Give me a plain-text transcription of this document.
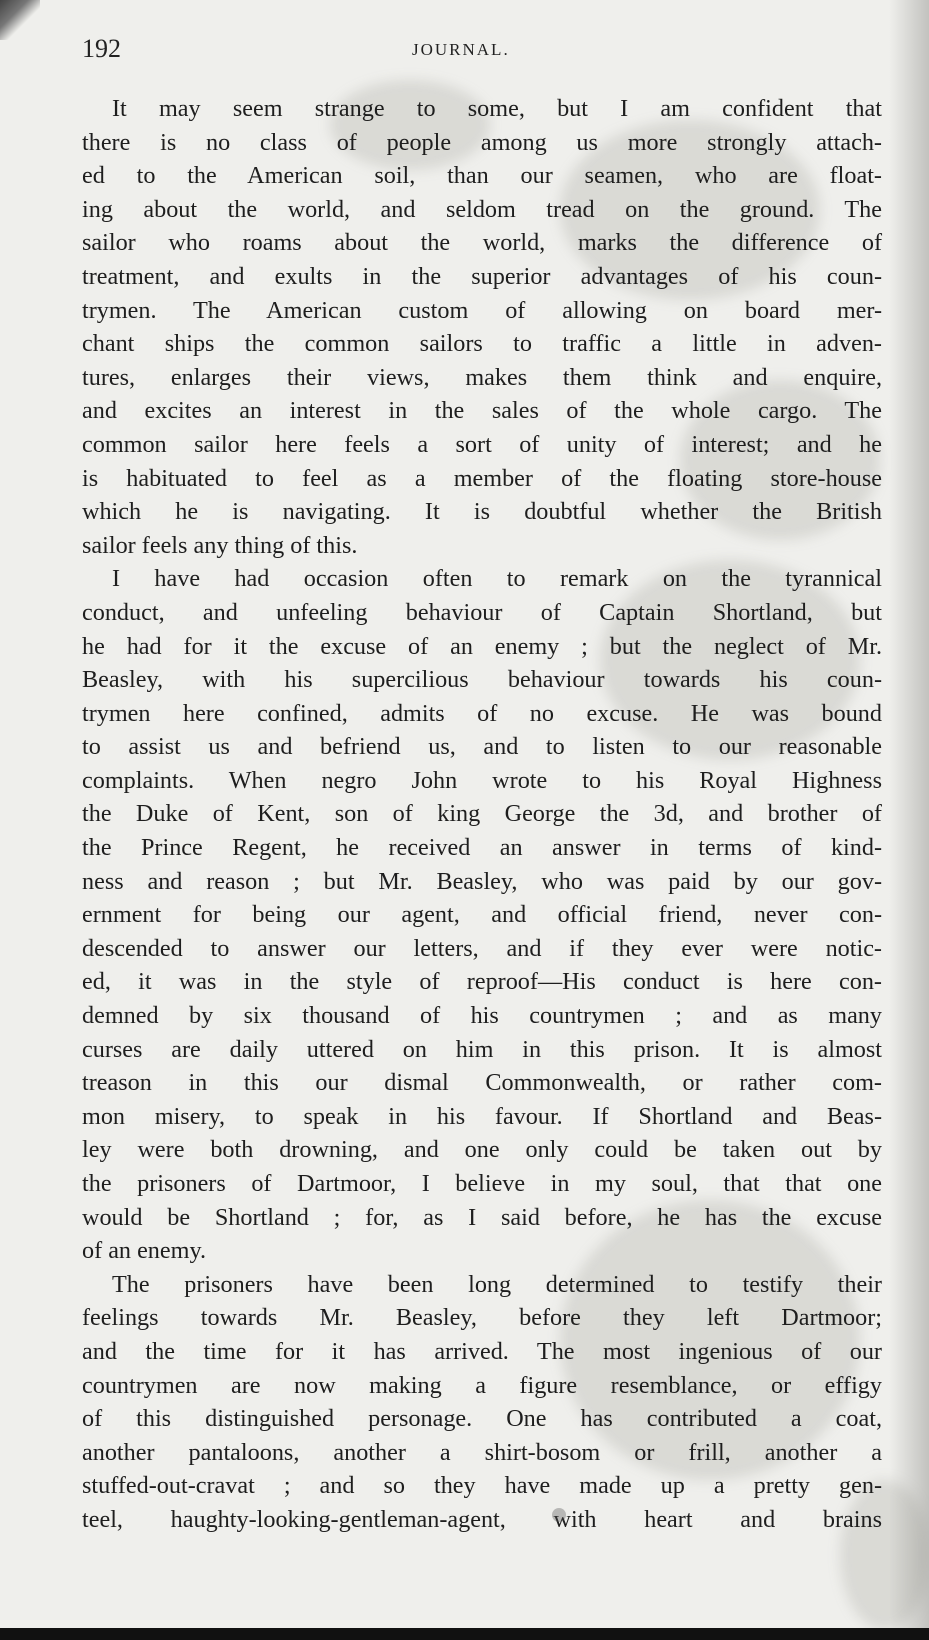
192	JOURNAL.
It may seem strange to some, but I am confident that
there is no class of people among us more strongly attach-
ed to the American soil, than our seamen, who are float-
ing about the world, and seldom tread on the ground. The
sailor who roams about the world, marks the difference of
treatment, and exults in the superior advantages of his coun-
trymen. The American custom of allowing on board mer-
chant ships the common sailors to traffic a little in adven-
tures, enlarges their views, makes them think and enquire,
and excites an interest in the sales of the whole cargo. The
common sailor here feels a sort of unity of interest; and he
is habituated to feel as a member of the floating store-house
which he is navigating. It is doubtful whether the British
sailor feels any thing of this.
I have had occasion often to remark on the tyrannical
conduct, and unfeeling behaviour of Captain Shortland, but
he had for it the excuse of an enemy ; but the neglect of Mr.
Beasley, with his supercilious behaviour towards his coun-
trymen here confined, admits of no excuse. He was bound
to assist us and befriend us, and to listen to our reasonable
complaints. When negro John wrote to his Royal Highness
the Duke of Kent, son of king George the 3d, and brother of
the Prince Regent, he received an answer in terms of kind-
ness and reason ; but Mr. Beasley, who was paid by our gov-
ernment for being our agent, and official friend, never con-
descended to answer our letters, and if they ever were notic-
ed, it was in the style of reproof—His conduct is here con-
demned by six thousand of his countrymen ; and as many
curses are daily uttered on him in this prison. It is almost
treason in this our dismal Commonwealth, or rather com-
mon misery, to speak in his favour. If Shortland and Beas-
ley were both drowning, and one only could be taken out by
the prisoners of Dartmoor, I believe in my soul, that that one
would be Shortland ; for, as I said before, he has the excuse
of an enemy.
The prisoners have been long determined to testify their
feelings towards Mr. Beasley, before they left Dartmoor;
and the time for it has arrived. The most ingenious of our
countrymen are now making a figure resemblance, or effigy
of this distinguished personage. One has contributed a coat,
another pantaloons, another a shirt-bosom or frill, another a
stuffed-out-cravat ; and so they have made up a pretty gen-
teel, haughty-looking-gentleman-agent, with heart and brains
